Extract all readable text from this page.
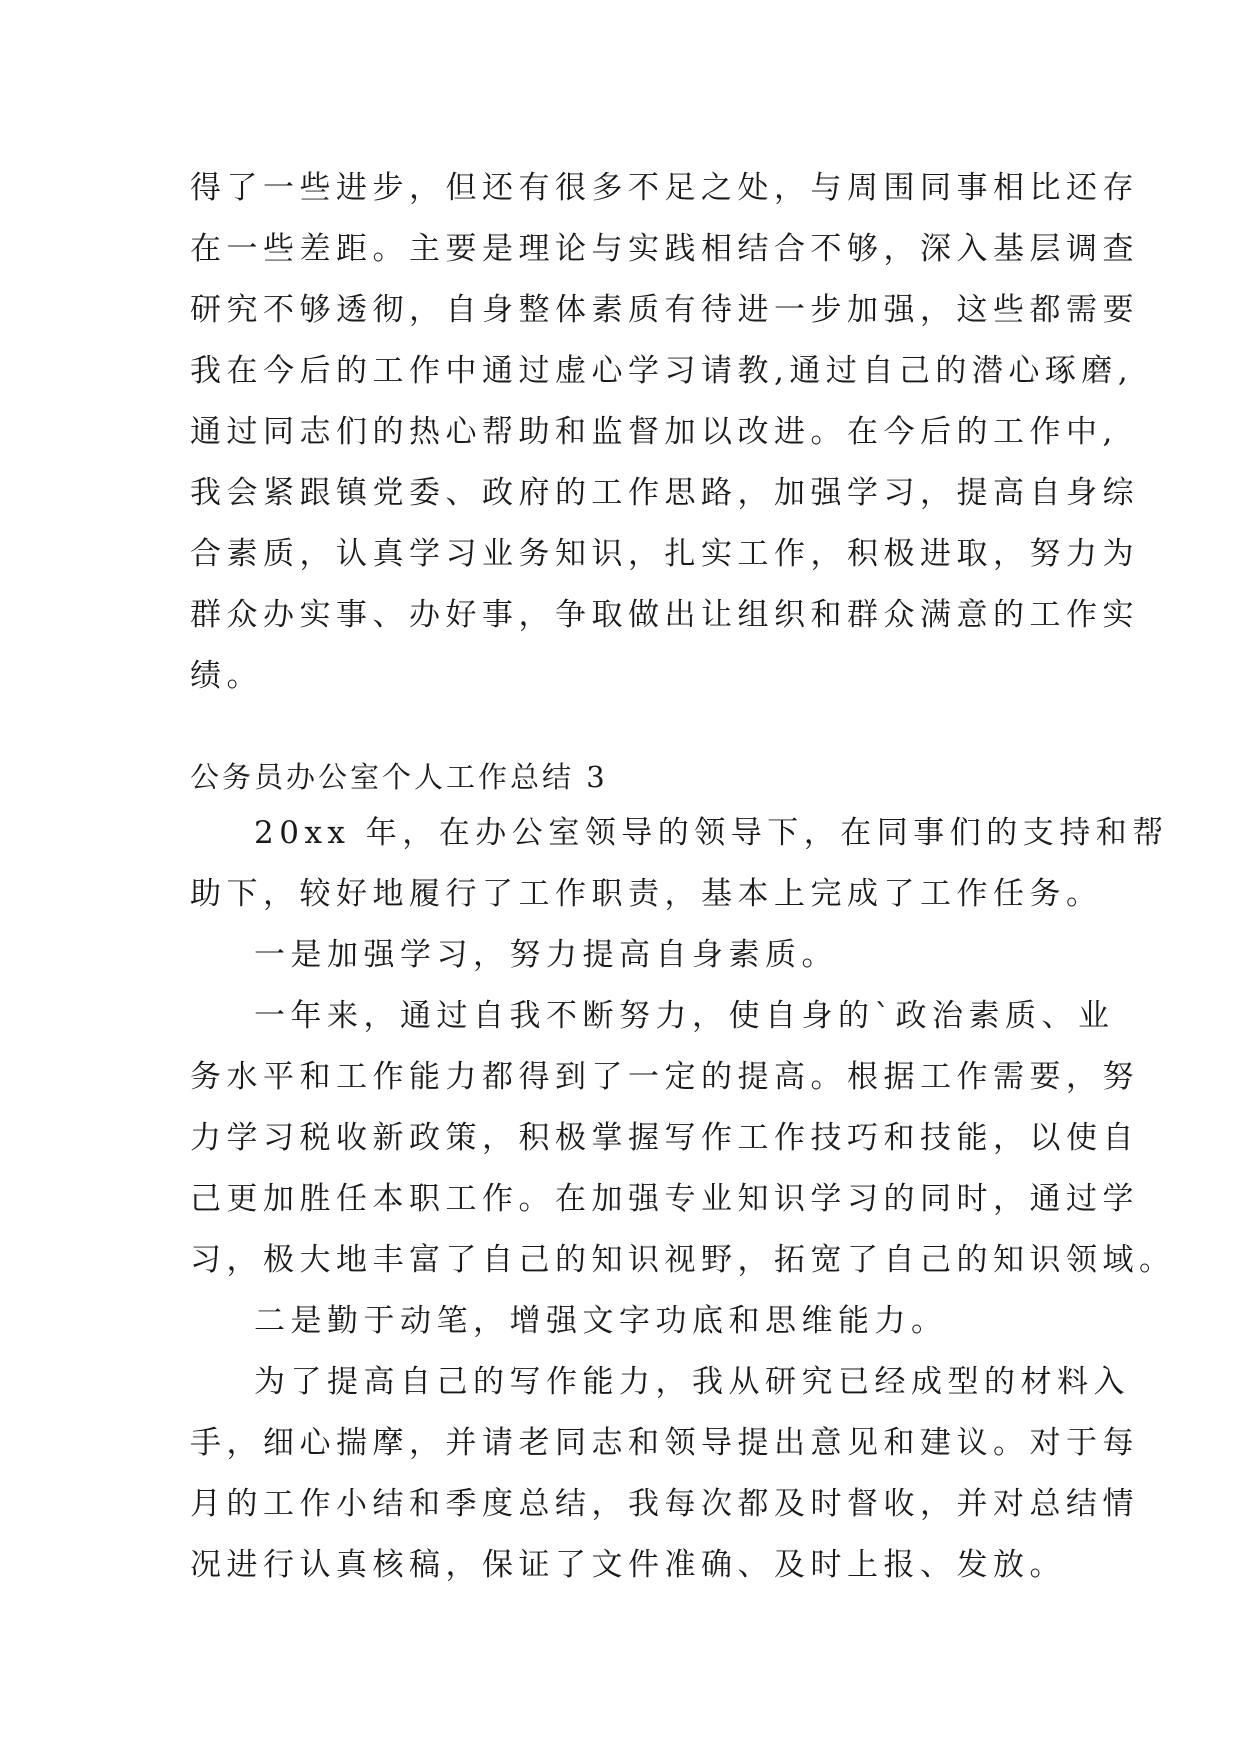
得了一些进步，但还有很多不足之处，与周围同事相比还存
在一些差距。主要是理论与实践相结合不够，深入基层调查
研究不够透彻，自身整体素质有待进一步加强，这些都需要
我在今后的工作中通过虚心学习请教,通过自己的潜心琢磨,
通过同志们的热心帮助和监督加以改进。在今后的工作中,
我会紧跟镇党委、政府的工作思路，加强学习，提高自身综
合素质，认真学习业务知识，扎实工作，积极进取，努力为
群众办实事、办好事，争取做出让组织和群众满意的工作实
绩。
公务员办公室个人工作总结 3
20xx 年，在办公室领导的领导下，在同事们的支持和帮
助下，较好地履行了工作职责，基本上完成了工作任务。
一是加强学习，努力提高自身素质。
一年来，通过自我不断努力，使自身的`政治素质、业
务水平和工作能力都得到了一定的提高。根据工作需要，努
力学习税收新政策，积极掌握写作工作技巧和技能，以使自
己更加胜任本职工作。在加强专业知识学习的同时，通过学
习，极大地丰富了自己的知识视野，拓宽了自己的知识领域。
二是勤于动笔，增强文字功底和思维能力。
为了提高自己的写作能力，我从研究已经成型的材料入
手，细心揣摩，并请老同志和领导提出意见和建议。对于每
月的工作小结和季度总结，我每次都及时督收，并对总结情
况进行认真核稿，保证了文件准确、及时上报、发放。
